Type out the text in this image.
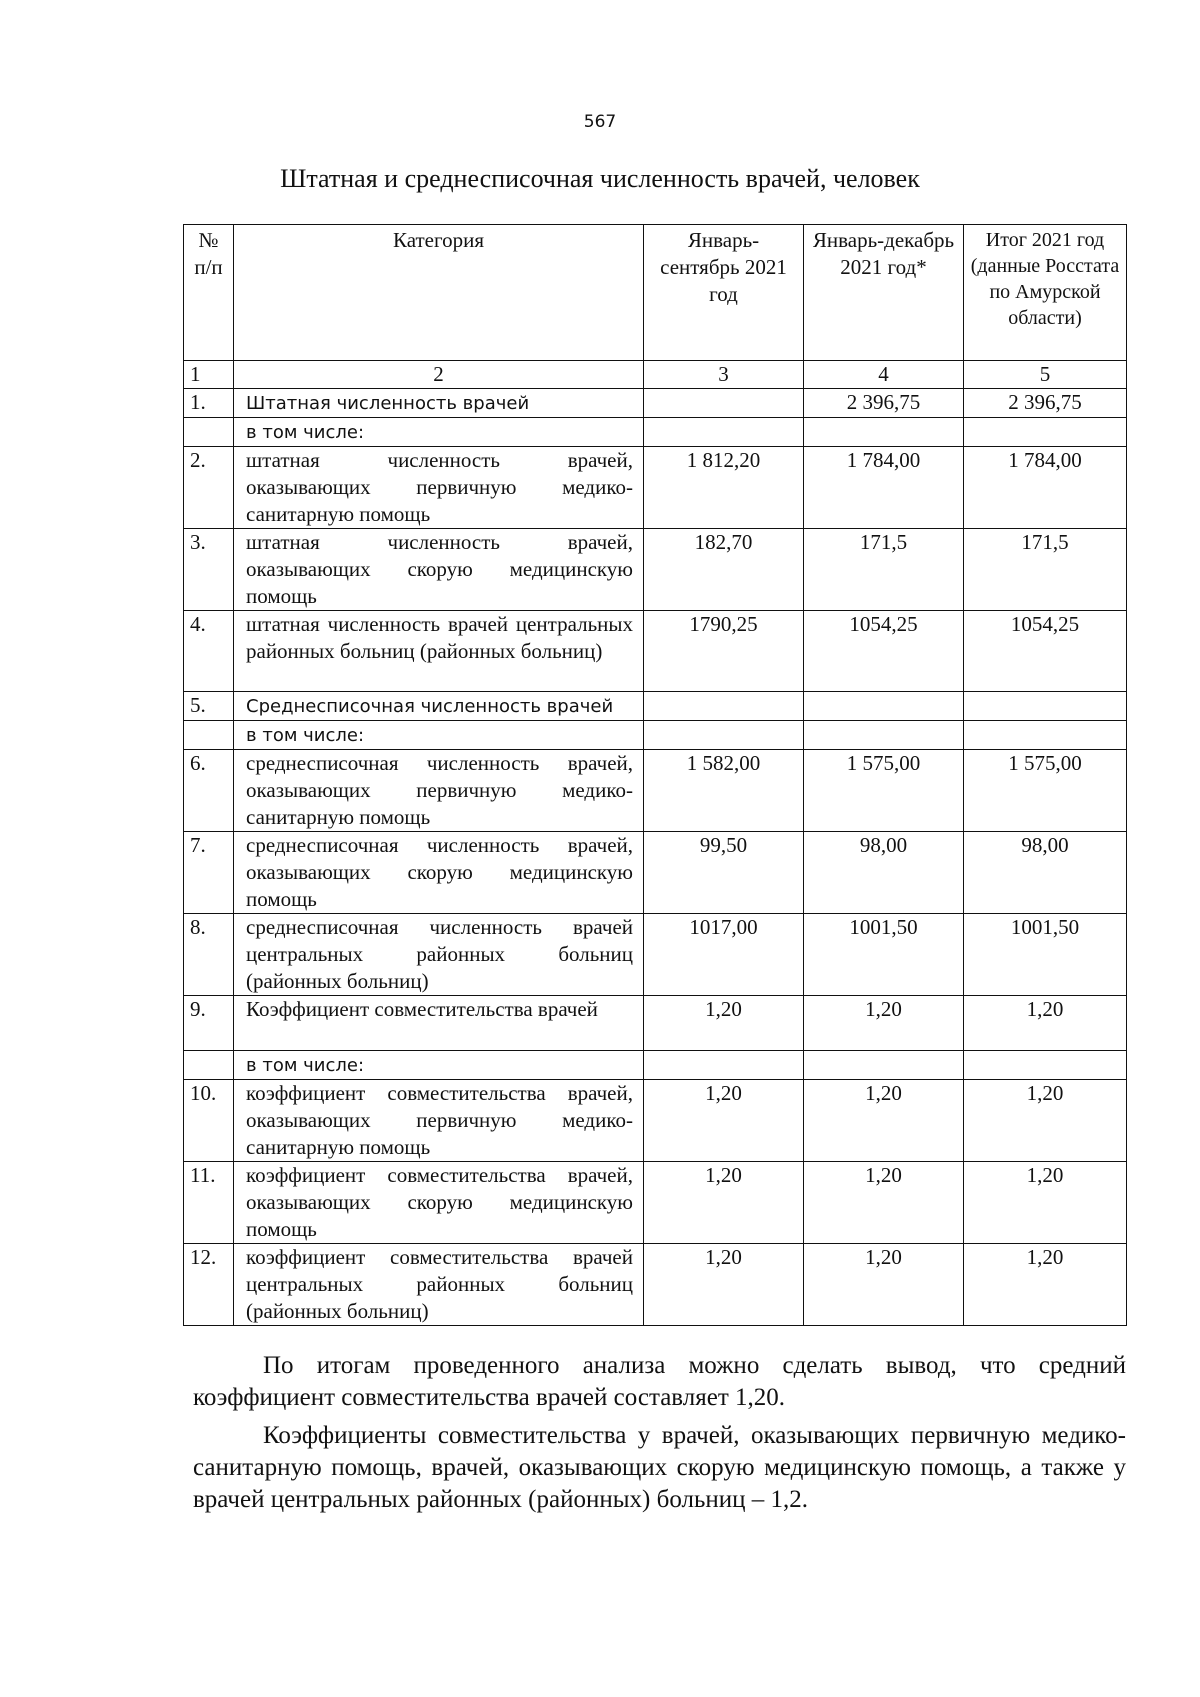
567
Штатная и среднесписочная численность врачей, человек
№ п/п	Категория	Январь-сентябрь 2021 год	Январь-декабрь 2021 год*	Итог 2021 год (данные Росстата по Амурской области)
1	2	3	4	5
1.	Штатная численность врачей		2 396,75	2 396,75
	в том числе:			
2.	штатная численность врачей, оказывающих первичную медико-санитарную помощь	1 812,20	1 784,00	1 784,00
3.	штатная численность врачей, оказывающих скорую медицинскую помощь	182,70	171,5	171,5
4.	штатная численность врачей центральных районных больниц (районных больниц)	1790,25	1054,25	1054,25
5.	Среднесписочная численность врачей			
	в том числе:			
6.	среднесписочная численность врачей, оказывающих первичную медико-санитарную помощь	1 582,00	1 575,00	1 575,00
7.	среднесписочная численность врачей, оказывающих скорую медицинскую помощь	99,50	98,00	98,00
8.	среднесписочная численность врачей центральных районных больниц (районных больниц)	1017,00	1001,50	1001,50
9.	Коэффициент совместительства врачей	1,20	1,20	1,20
	в том числе:			
10.	коэффициент совместительства врачей, оказывающих первичную медико-санитарную помощь	1,20	1,20	1,20
11.	коэффициент совместительства врачей, оказывающих скорую медицинскую помощь	1,20	1,20	1,20
12.	коэффициент совместительства врачей центральных районных больниц (районных больниц)	1,20	1,20	1,20

По итогам проведенного анализа можно сделать вывод, что средний коэффициент совместительства врачей составляет 1,20.

Коэффициенты совместительства у врачей, оказывающих первичную медико-санитарную помощь, врачей, оказывающих скорую медицинскую помощь, а также у врачей центральных районных (районных) больниц – 1,2.
